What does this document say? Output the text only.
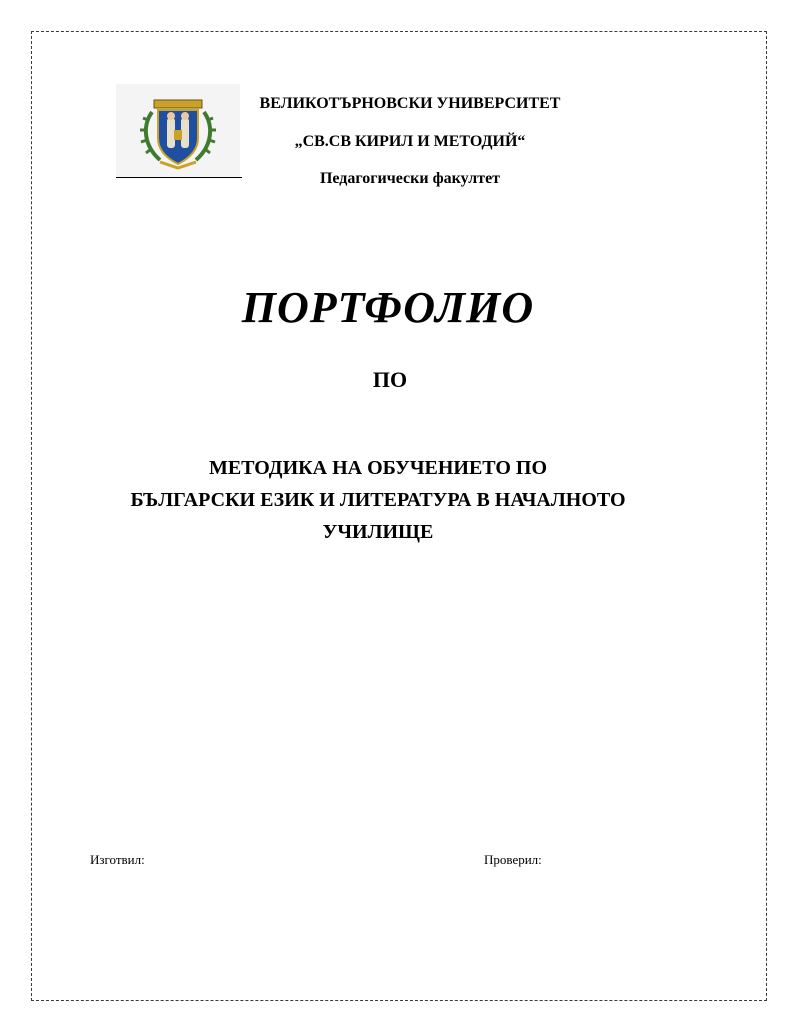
ВЕЛИКОТЪРНОВСКИ УНИВЕРСИТЕТ
„СВ.СВ КИРИЛ И МЕТОДИЙ“
Педагогически факултет
ПОРТФОЛИО
ПО
МЕТОДИКА НА ОБУЧЕНИЕТО ПО
БЪЛГАРСКИ ЕЗИК И ЛИТЕРАТУРА В НАЧАЛНОТО
УЧИЛИЩЕ
Изготвил:	Проверил:
